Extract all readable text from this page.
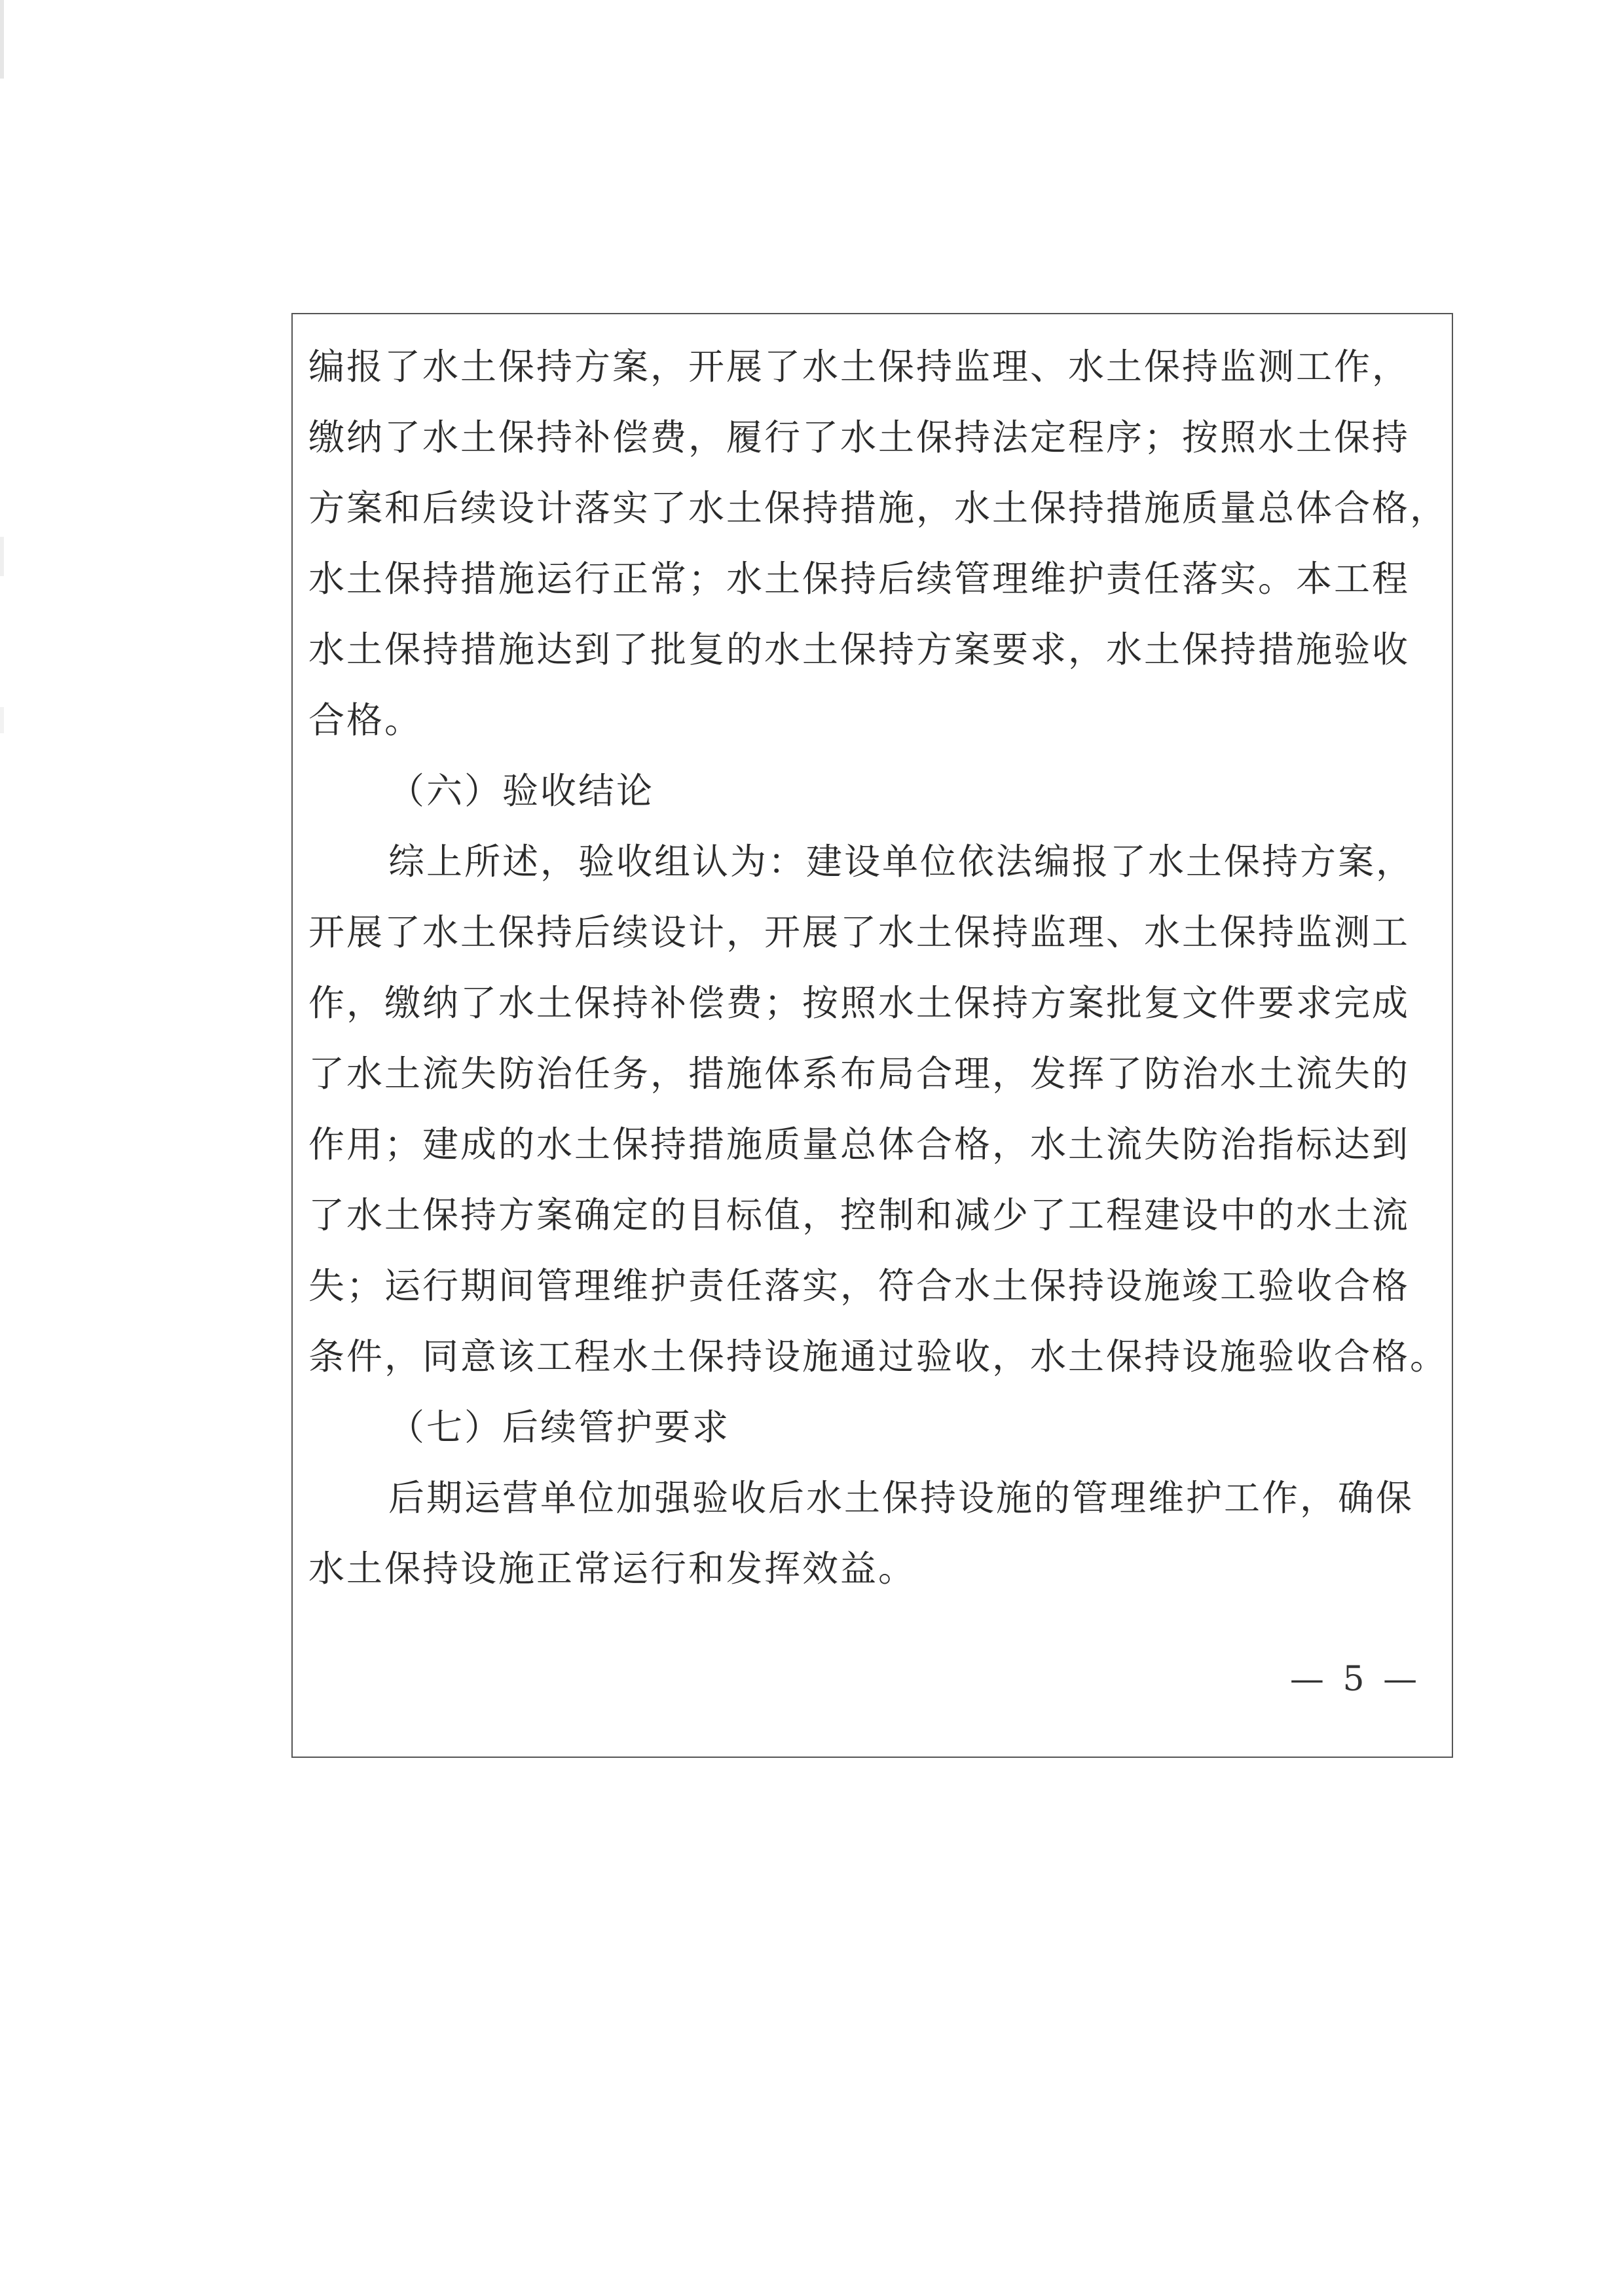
编报了水土保持方案，开展了水土保持监理、水土保持监测工作，

缴纳了水土保持补偿费，履行了水土保持法定程序；按照水土保持

方案和后续设计落实了水土保持措施，水土保持措施质量总体合格，

水土保持措施运行正常；水土保持后续管理维护责任落实。本工程

水土保持措施达到了批复的水土保持方案要求，水土保持措施验收

合格。

（六）验收结论

综上所述，验收组认为：建设单位依法编报了水土保持方案，

开展了水土保持后续设计，开展了水土保持监理、水土保持监测工

作，缴纳了水土保持补偿费；按照水土保持方案批复文件要求完成

了水土流失防治任务，措施体系布局合理，发挥了防治水土流失的

作用；建成的水土保持措施质量总体合格，水土流失防治指标达到

了水土保持方案确定的目标值，控制和减少了工程建设中的水土流

失；运行期间管理维护责任落实，符合水土保持设施竣工验收合格

条件，同意该工程水土保持设施通过验收，水土保持设施验收合格。

（七）后续管护要求

后期运营单位加强验收后水土保持设施的管理维护工作，确保

水土保持设施正常运行和发挥效益。

— 5 —
